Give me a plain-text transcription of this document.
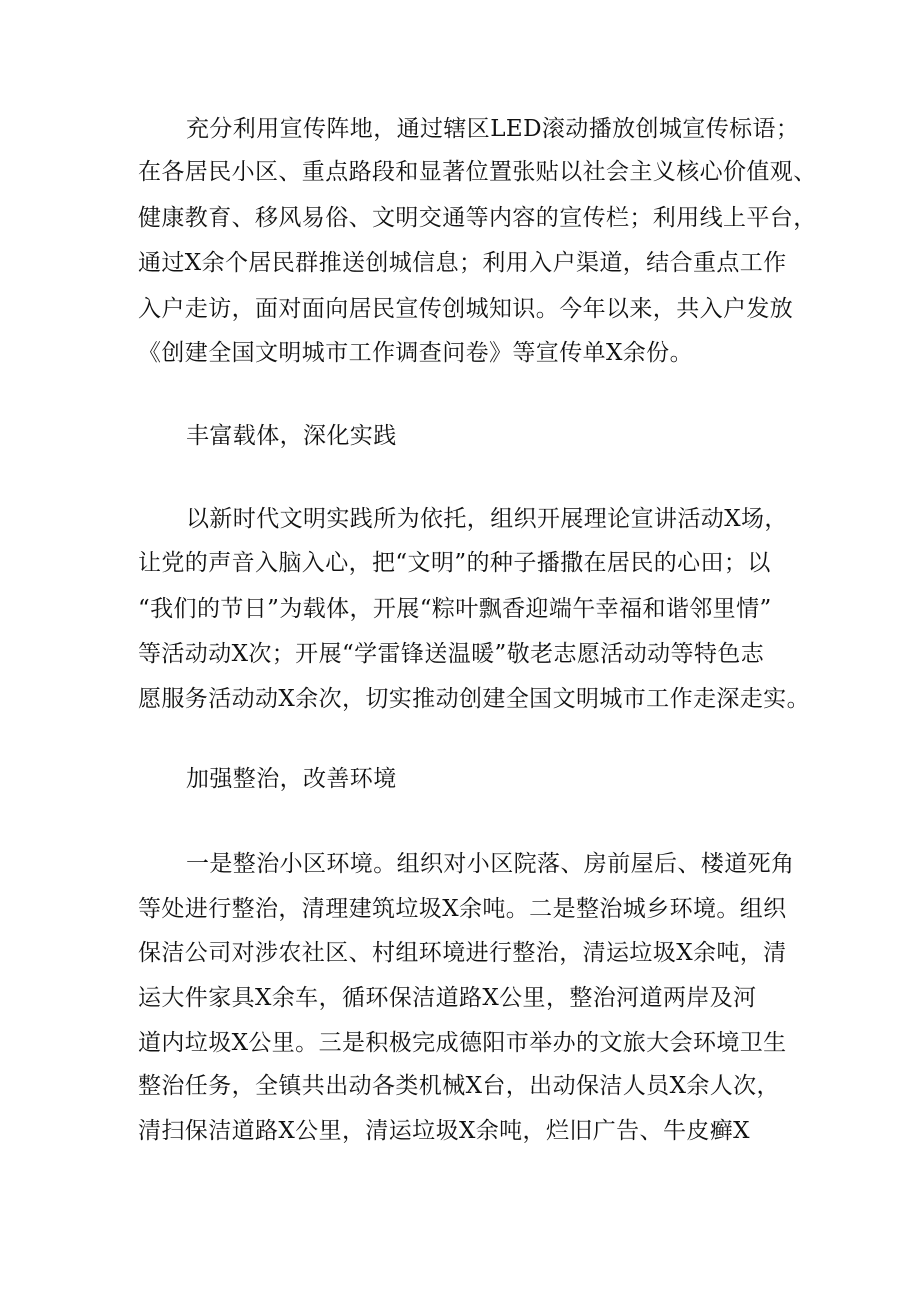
充分利用宣传阵地，通过辖区LED滚动播放创城宣传标语；
在各居民小区、重点路段和显著位置张贴以社会主义核心价值观、
健康教育、移风易俗、文明交通等内容的宣传栏；利用线上平台，
通过X余个居民群推送创城信息；利用入户渠道，结合重点工作
入户走访，面对面向居民宣传创城知识。今年以来，共入户发放
《创建全国文明城市工作调查问卷》等宣传单X余份。
丰富载体，深化实践
以新时代文明实践所为依托，组织开展理论宣讲活动X场，
让党的声音入脑入心，把“文明”的种子播撒在居民的心田；以
“我们的节日”为载体，开展“粽叶飘香迎端午幸福和谐邻里情”
等活动动X次；开展“学雷锋送温暖”敬老志愿活动动等特色志
愿服务活动动X余次，切实推动创建全国文明城市工作走深走实。
加强整治，改善环境
一是整治小区环境。组织对小区院落、房前屋后、楼道死角
等处进行整治，清理建筑垃圾X余吨。二是整治城乡环境。组织
保洁公司对涉农社区、村组环境进行整治，清运垃圾X余吨，清
运大件家具X余车，循环保洁道路X公里，整治河道两岸及河
道内垃圾X公里。三是积极完成德阳市举办的文旅大会环境卫生
整治任务，全镇共出动各类机械X台，出动保洁人员X余人次，
清扫保洁道路X公里，清运垃圾X余吨，烂旧广告、牛皮癣X
